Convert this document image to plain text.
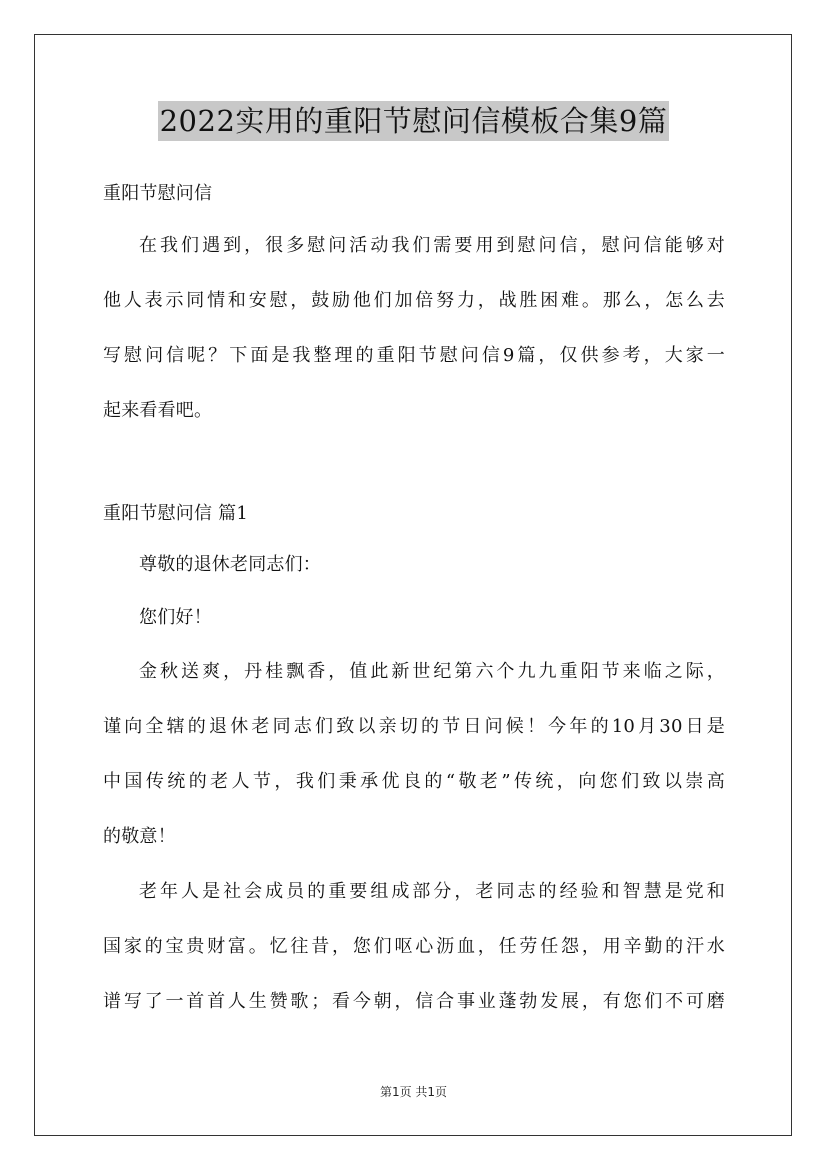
2022实用的重阳节慰问信模板合集9篇
重阳节慰问信
在我们遇到，很多慰问活动我们需要用到慰问信，慰问信能够对
他人表示同情和安慰，鼓励他们加倍努力，战胜困难。那么，怎么去
写慰问信呢？下面是我整理的重阳节慰问信9篇，仅供参考，大家一
起来看看吧。
重阳节慰问信 篇1
尊敬的退休老同志们：
您们好！
金秋送爽，丹桂飘香，值此新世纪第六个九九重阳节来临之际，
谨向全辖的退休老同志们致以亲切的节日问候！今年的10月30日是
中国传统的老人节，我们秉承优良的“敬老”传统，向您们致以崇高
的敬意！
老年人是社会成员的重要组成部分，老同志的经验和智慧是党和
国家的宝贵财富。忆往昔，您们呕心沥血，任劳任怨，用辛勤的汗水
谱写了一首首人生赞歌；看今朝，信合事业蓬勃发展，有您们不可磨
第1页 共1页
